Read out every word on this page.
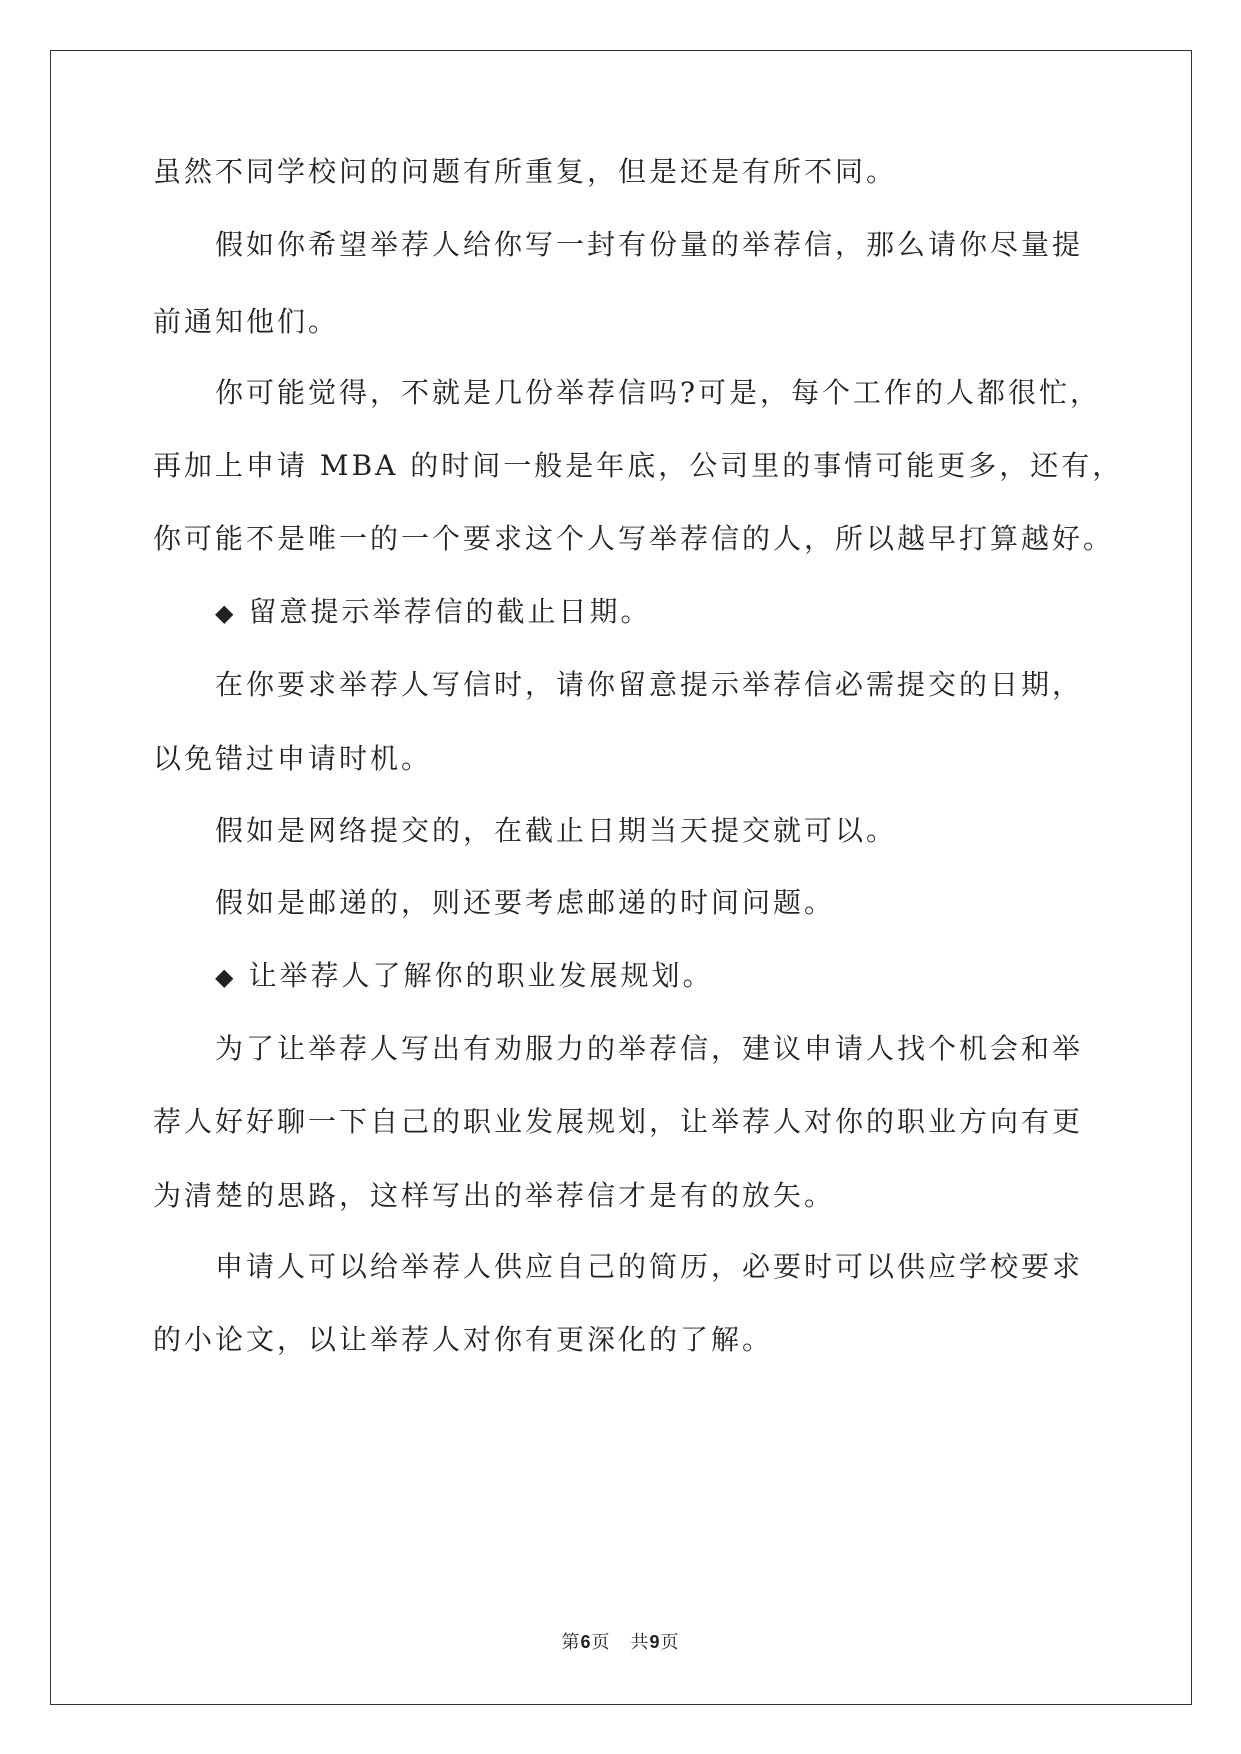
虽然不同学校问的问题有所重复，但是还是有所不同。
假如你希望举荐人给你写一封有份量的举荐信，那么请你尽量提
前通知他们。
你可能觉得，不就是几份举荐信吗?可是，每个工作的人都很忙，
再加上申请 MBA 的时间一般是年底，公司里的事情可能更多，还有，
你可能不是唯一的一个要求这个人写举荐信的人，所以越早打算越好。
◆ 留意提示举荐信的截止日期。
在你要求举荐人写信时，请你留意提示举荐信必需提交的日期，
以免错过申请时机。
假如是网络提交的，在截止日期当天提交就可以。
假如是邮递的，则还要考虑邮递的时间问题。
◆ 让举荐人了解你的职业发展规划。
为了让举荐人写出有劝服力的举荐信，建议申请人找个机会和举
荐人好好聊一下自己的职业发展规划，让举荐人对你的职业方向有更
为清楚的思路，这样写出的举荐信才是有的放矢。
申请人可以给举荐人供应自己的简历，必要时可以供应学校要求
的小论文，以让举荐人对你有更深化的了解。
第6页 共9页
